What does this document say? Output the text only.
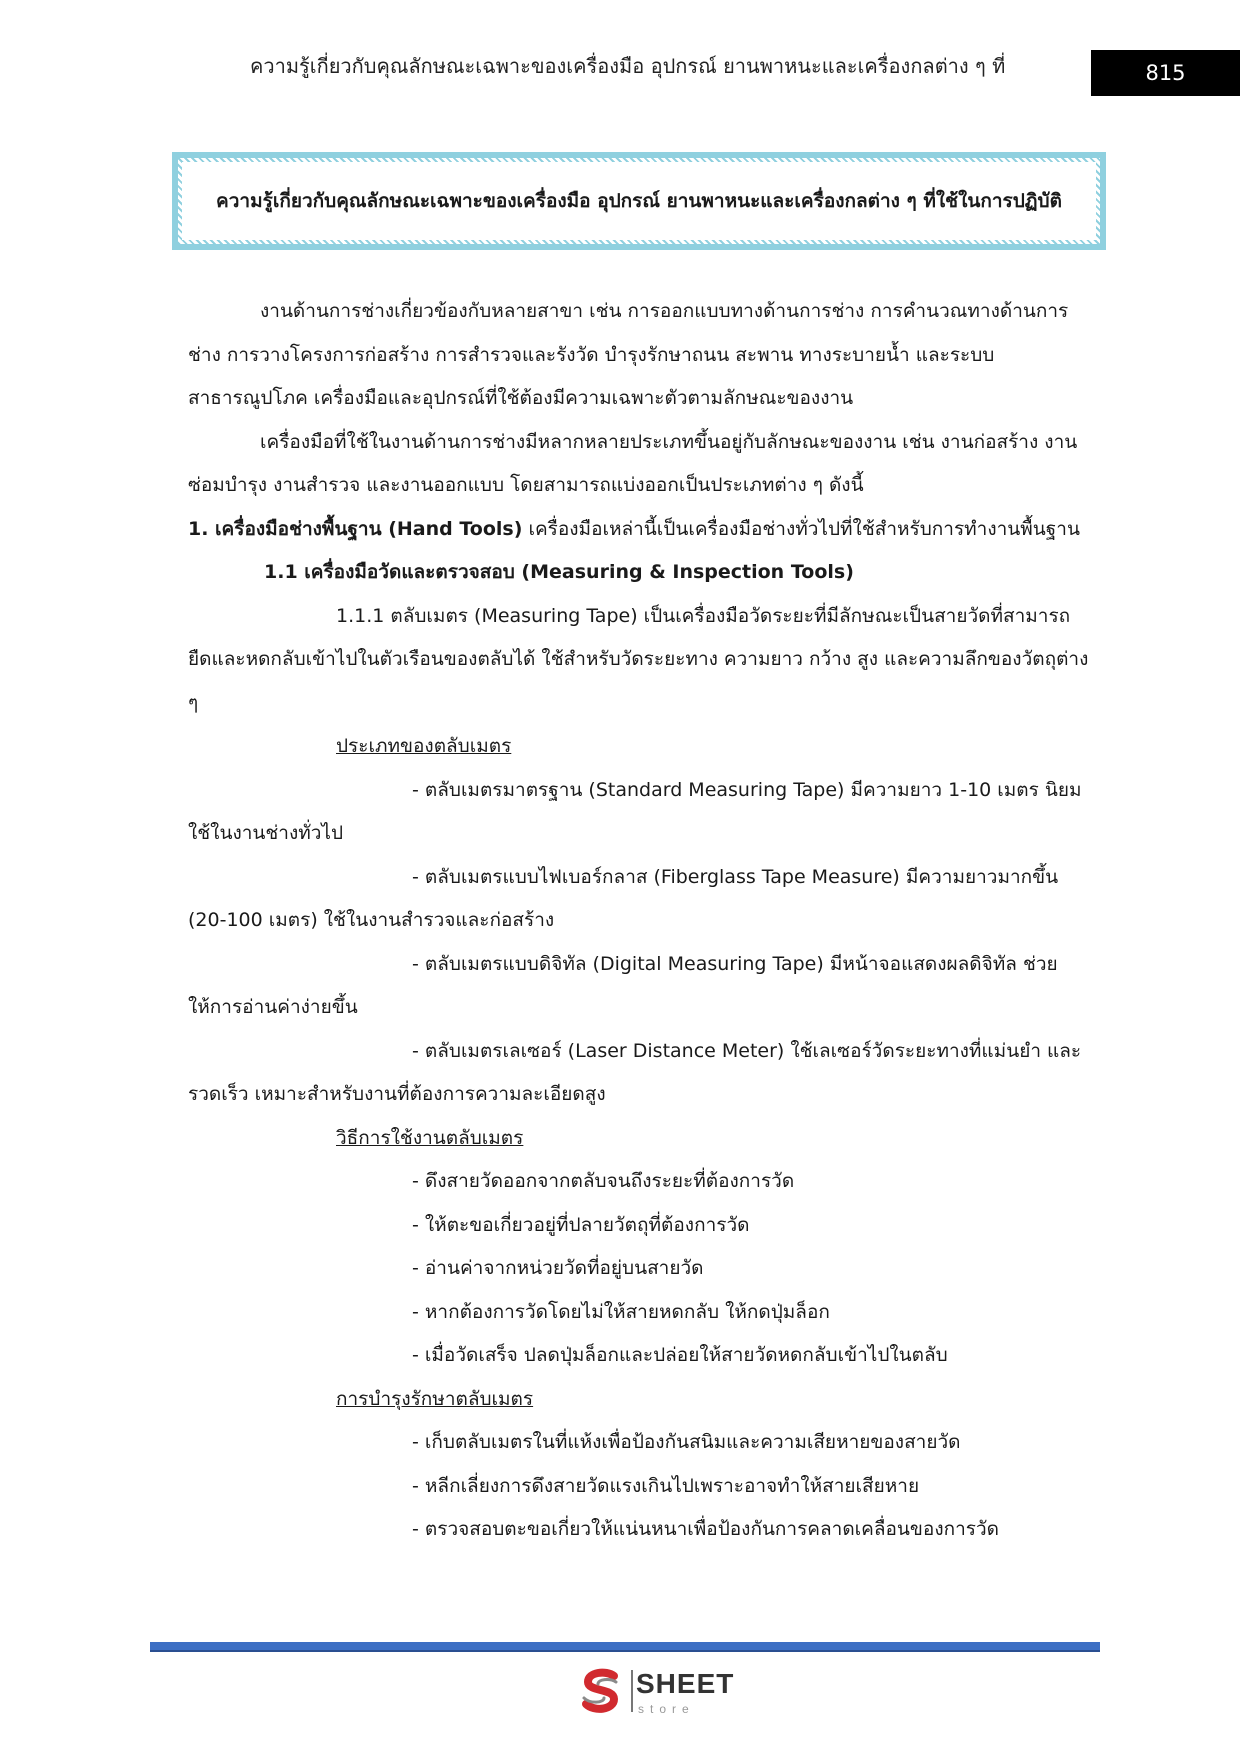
ความรู้เกี่ยวกับคุณลักษณะเฉพาะของเครื่องมือ อุปกรณ์ ยานพาหนะและเครื่องกลต่าง ๆ ที่	815
ความรู้เกี่ยวกับคุณลักษณะเฉพาะของเครื่องมือ อุปกรณ์ ยานพาหนะและเครื่องกลต่าง ๆ ที่ใช้ในการปฏิบัติ

งานด้านการช่างเกี่ยวข้องกับหลายสาขา เช่น การออกแบบทางด้านการช่าง การคำนวณทางด้านการช่าง การวางโครงการก่อสร้าง การสำรวจและรังวัด บำรุงรักษาถนน สะพาน ทางระบายน้ำ และระบบสาธารณูปโภค เครื่องมือและอุปกรณ์ที่ใช้ต้องมีความเฉพาะตัวตามลักษณะของงาน

เครื่องมือที่ใช้ในงานด้านการช่างมีหลากหลายประเภทขึ้นอยู่กับลักษณะของงาน เช่น งานก่อสร้าง งานซ่อมบำรุง งานสำรวจ และงานออกแบบ โดยสามารถแบ่งออกเป็นประเภทต่าง ๆ ดังนี้

1. เครื่องมือช่างพื้นฐาน (Hand Tools) เครื่องมือเหล่านี้เป็นเครื่องมือช่างทั่วไปที่ใช้สำหรับการทำงานพื้นฐาน

1.1 เครื่องมือวัดและตรวจสอบ (Measuring & Inspection Tools)

1.1.1 ตลับเมตร (Measuring Tape) เป็นเครื่องมือวัดระยะที่มีลักษณะเป็นสายวัดที่สามารถยืดและหดกลับเข้าไปในตัวเรือนของตลับได้ ใช้สำหรับวัดระยะทาง ความยาว กว้าง สูง และความลึกของวัตถุต่าง ๆ

ประเภทของตลับเมตร

- ตลับเมตรมาตรฐาน (Standard Measuring Tape) มีความยาว 1-10 เมตร นิยมใช้ในงานช่างทั่วไป

- ตลับเมตรแบบไฟเบอร์กลาส (Fiberglass Tape Measure) มีความยาวมากขึ้น (20-100 เมตร) ใช้ในงานสำรวจและก่อสร้าง

- ตลับเมตรแบบดิจิทัล (Digital Measuring Tape) มีหน้าจอแสดงผลดิจิทัล ช่วยให้การอ่านค่าง่ายขึ้น

- ตลับเมตรเลเซอร์ (Laser Distance Meter) ใช้เลเซอร์วัดระยะทางที่แม่นยำ และรวดเร็ว เหมาะสำหรับงานที่ต้องการความละเอียดสูง

วิธีการใช้งานตลับเมตร

- ดึงสายวัดออกจากตลับจนถึงระยะที่ต้องการวัด

- ให้ตะขอเกี่ยวอยู่ที่ปลายวัตถุที่ต้องการวัด

- อ่านค่าจากหน่วยวัดที่อยู่บนสายวัด

- หากต้องการวัดโดยไม่ให้สายหดกลับ ให้กดปุ่มล็อก

- เมื่อวัดเสร็จ ปลดปุ่มล็อกและปล่อยให้สายวัดหดกลับเข้าไปในตลับ

การบำรุงรักษาตลับเมตร

- เก็บตลับเมตรในที่แห้งเพื่อป้องกันสนิมและความเสียหายของสายวัด

- หลีกเลี่ยงการดึงสายวัดแรงเกินไปเพราะอาจทำให้สายเสียหาย

- ตรวจสอบตะขอเกี่ยวให้แน่นหนาเพื่อป้องกันการคลาดเคลื่อนของการวัด

SHEET
store
